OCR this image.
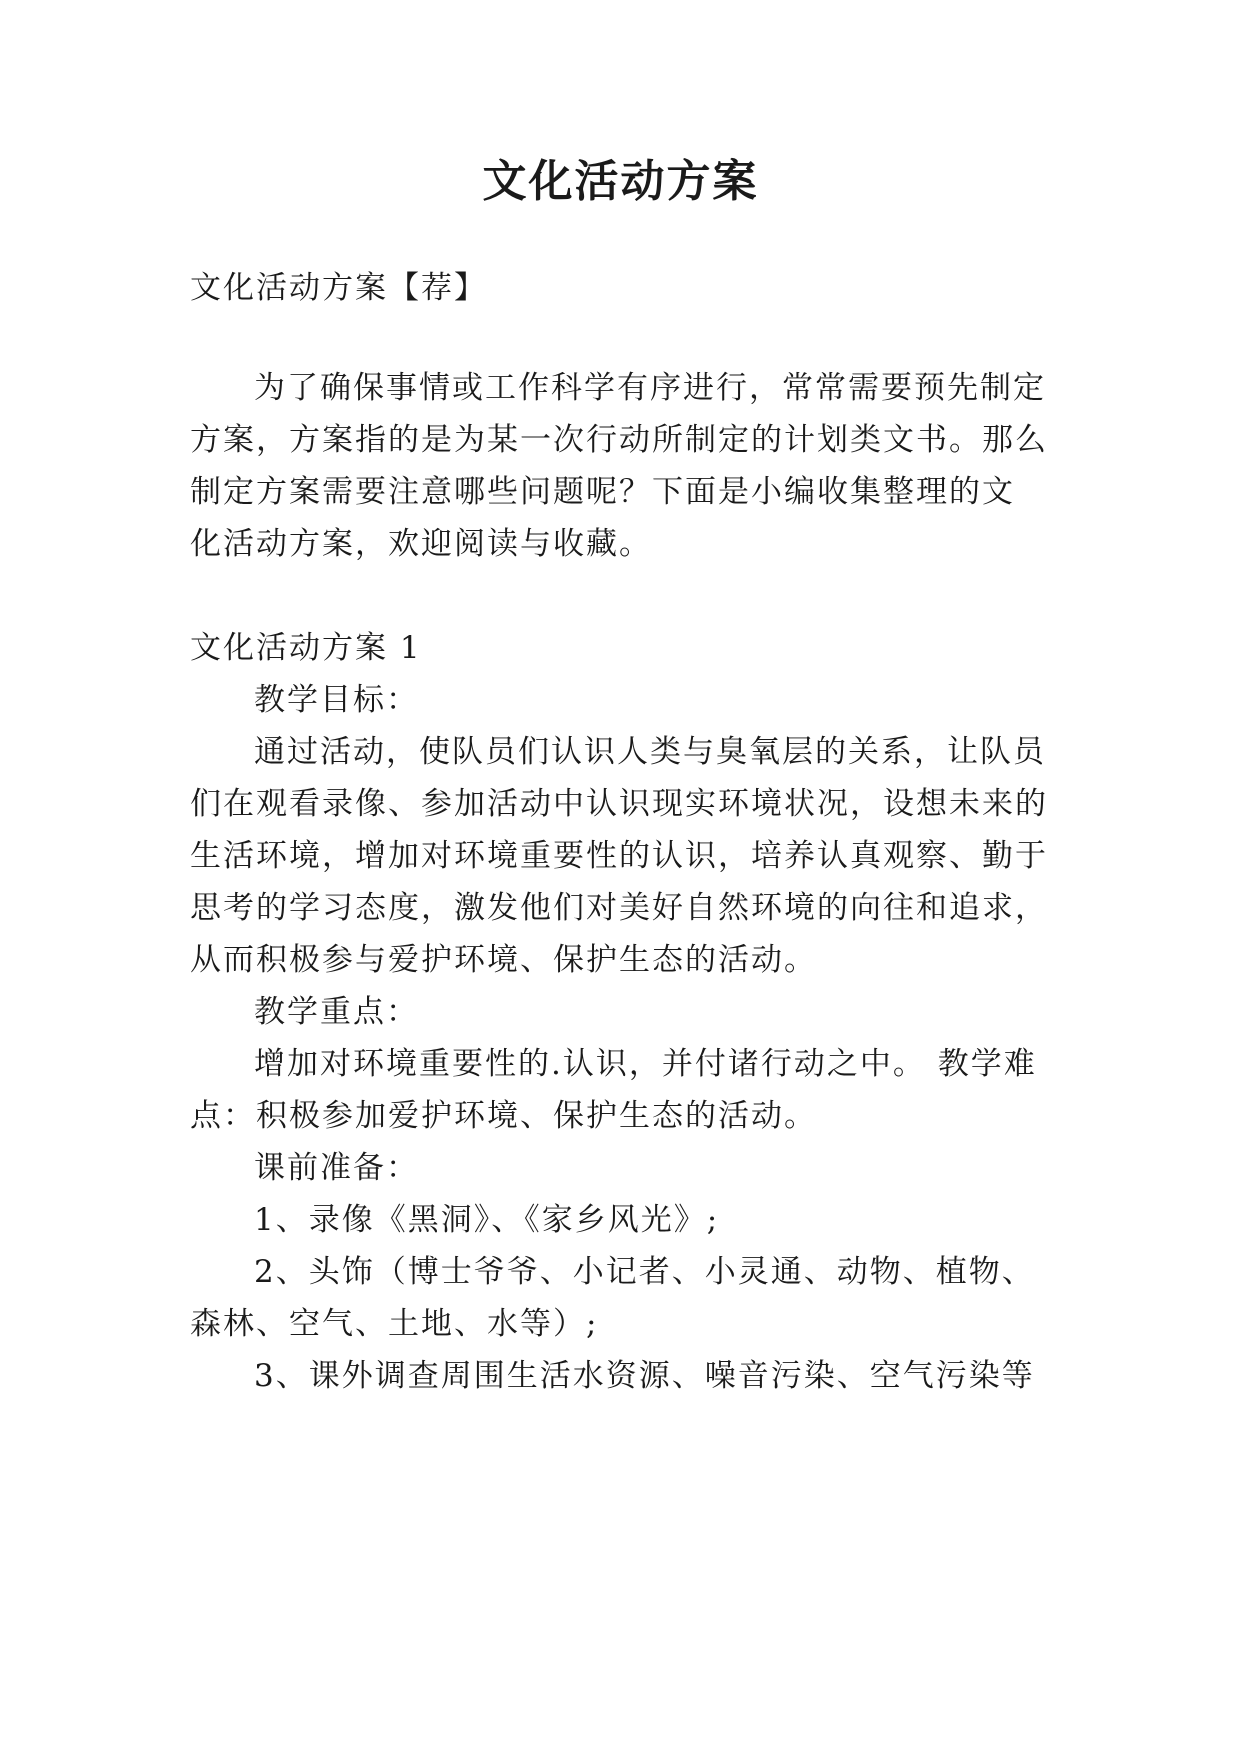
文化活动方案

文化活动方案【荐】

为了确保事情或工作科学有序进行，常常需要预先制定

方案，方案指的是为某一次行动所制定的计划类文书。那么

制定方案需要注意哪些问题呢？下面是小编收集整理的文

化活动方案，欢迎阅读与收藏。

文化活动方案 1

教学目标：

通过活动，使队员们认识人类与臭氧层的关系，让队员

们在观看录像、参加活动中认识现实环境状况，设想未来的

生活环境，增加对环境重要性的认识，培养认真观察、勤于

思考的学习态度，激发他们对美好自然环境的向往和追求，

从而积极参与爱护环境、保护生态的活动。

教学重点：

增加对环境重要性的.认识，并付诸行动之中。 教学难

点：积极参加爱护环境、保护生态的活动。

课前准备：

1、录像《黑洞》、《家乡风光》;

2、头饰（博士爷爷、小记者、小灵通、动物、植物、

森林、空气、土地、水等）;

3、课外调查周围生活水资源、噪音污染、空气污染等
